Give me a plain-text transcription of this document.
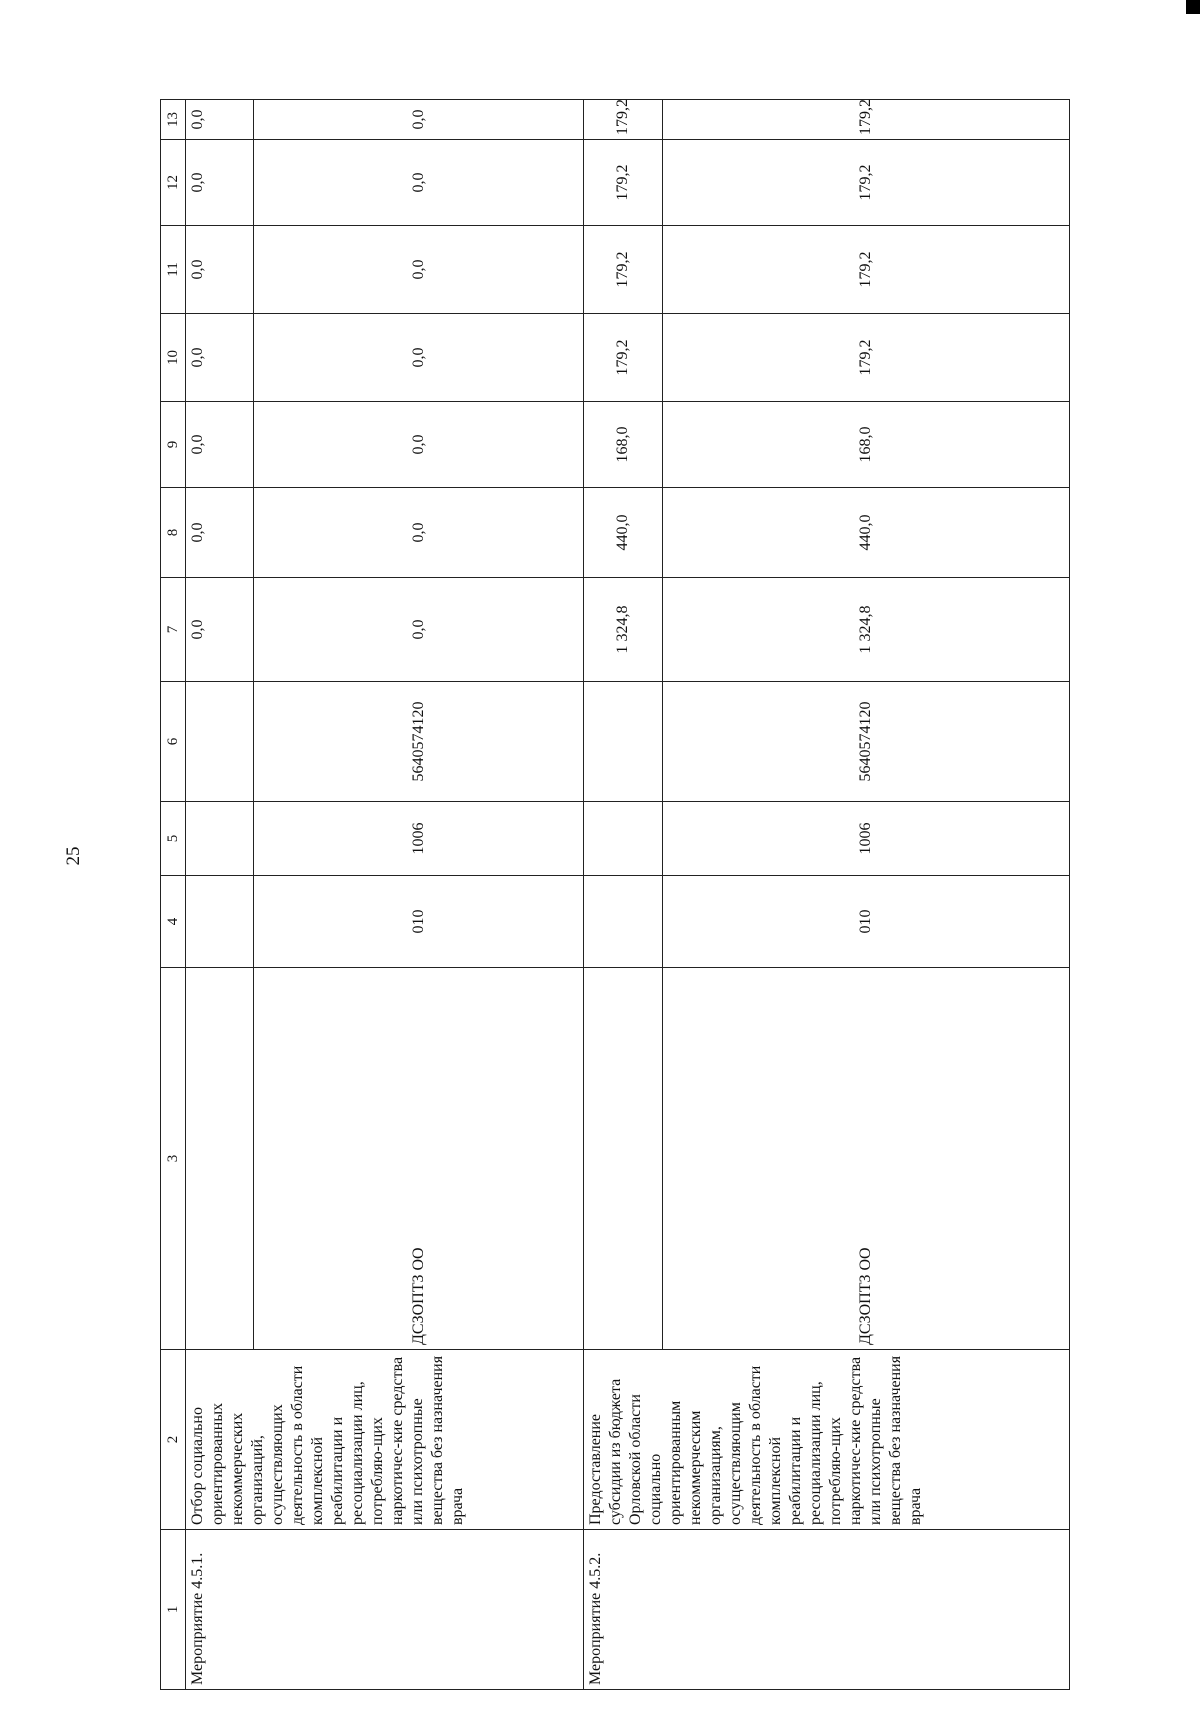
25
1	2	3	4	5	6	7	8	9	10	11	12	13
Мероприятие 4.5.1.	Отбор социально ориентированных некоммерческих организаций, осуществляющих деятельность в области комплексной реабилитации и ресоциализации лиц, потребляю-щих наркотичес-кие средства или психотропные вещества без назначения врача					0,0	0,0	0,0	0,0	0,0	0,0	0,0
		ДСЗОПТЗ ОО	010	1006	5640574120	0,0	0,0	0,0	0,0	0,0	0,0	0,0
Мероприятие 4.5.2.	Предоставление субсидии из бюджета Орловской области социально ориентированным некоммерческим организациям, осуществляющим деятельность в области комплексной реабилитации и ресоциализации лиц, потребляю-щих наркотичес-кие средства или психотропные вещества без назначения врача					1 324,8	440,0	168,0	179,2	179,2	179,2	179,2
		ДСЗОПТЗ ОО	010	1006	5640574120	1 324,8	440,0	168,0	179,2	179,2	179,2	179,2
